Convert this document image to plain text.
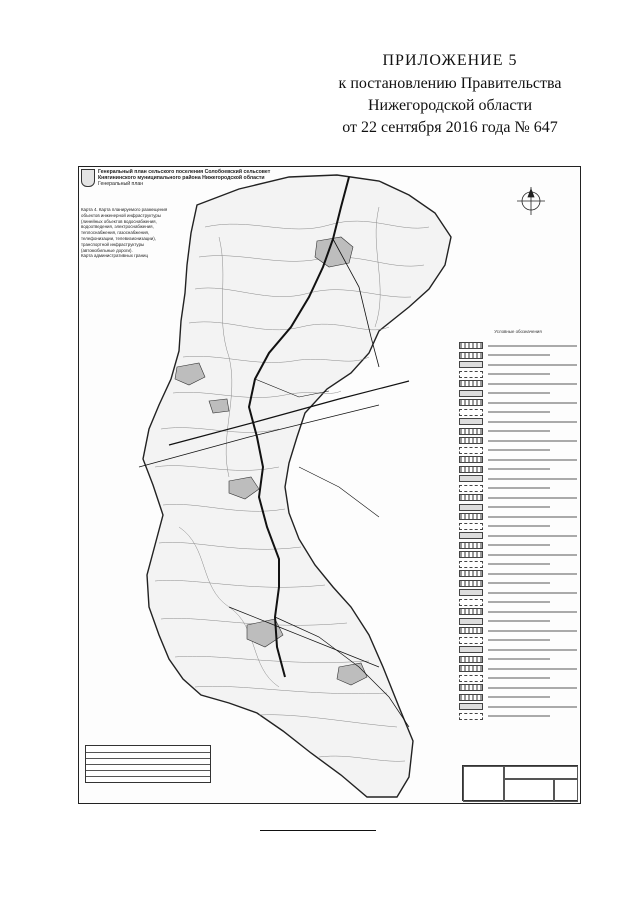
ПРИЛОЖЕНИЕ 5
к постановлению Правительства
Нижегородской области
от 22 сентября 2016 года № 647
Генеральный план сельского поселения Солобоевский сельсовет
Княгининского муниципального района Нижегородской области
Генеральный план
Карта 4. Карта планируемого размещения
объектов инженерной инфраструктуры
(линейных объектов водоснабжения,
водоотведения, электроснабжения,
теплоснабжения, газоснабжения,
телефонизации, телевизионизации),
транспортной инфраструктуры
(автомобильные дороги).
Карта административных границ
Условные обозначения
